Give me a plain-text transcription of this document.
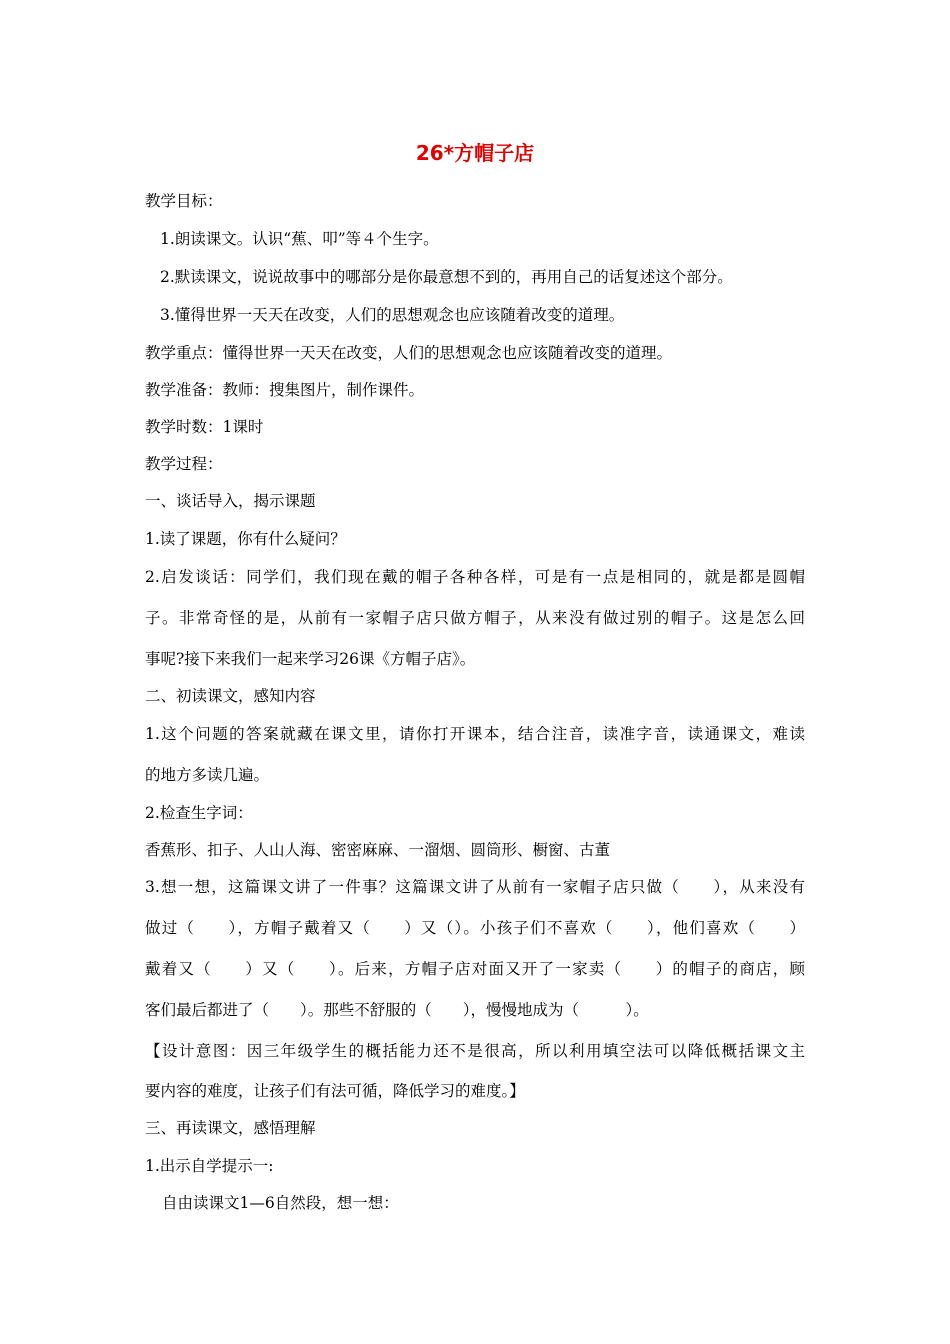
26*方帽子店
教学目标：
1.朗读课文。认识“蕉、叩”等４个生字。
2.默读课文，说说故事中的哪部分是你最意想不到的，再用自己的话复述这个部分。
3.懂得世界一天天在改变，人们的思想观念也应该随着改变的道理。
教学重点：懂得世界一天天在改变，人们的思想观念也应该随着改变的道理。
教学准备：教师：搜集图片，制作课件。
教学时数：1课时
教学过程：
一、谈话导入，揭示课题
1.读了课题，你有什么疑问？
2.启发谈话：同学们，我们现在戴的帽子各种各样，可是有一点是相同的，就是都是圆帽
子。非常奇怪的是，从前有一家帽子店只做方帽子，从来没有做过别的帽子。这是怎么回
事呢?接下来我们一起来学习26课《方帽子店》。
二、初读课文，感知内容
1.这个问题的答案就藏在课文里，请你打开课本，结合注音，读准字音，读通课文，难读
的地方多读几遍。
2.检查生字词：
香蕉形、扣子、人山人海、密密麻麻、一溜烟、圆筒形、橱窗、古董
3.想一想，这篇课文讲了一件事？这篇课文讲了从前有一家帽子店只做（　　），从来没有
做过（　　），方帽子戴着又（　　）又（）。小孩子们不喜欢（　　），他们喜欢（　　）
戴着又（　　）又（　　）。后来，方帽子店对面又开了一家卖（　　）的帽子的商店，顾
客们最后都进了（　　）。那些不舒服的（　　），慢慢地成为（　　　）。
【设计意图：因三年级学生的概括能力还不是很高，所以利用填空法可以降低概括课文主
要内容的难度，让孩子们有法可循，降低学习的难度。】
三、再读课文，感悟理解
1.出示自学提示一:
自由读课文1—6自然段，想一想：
